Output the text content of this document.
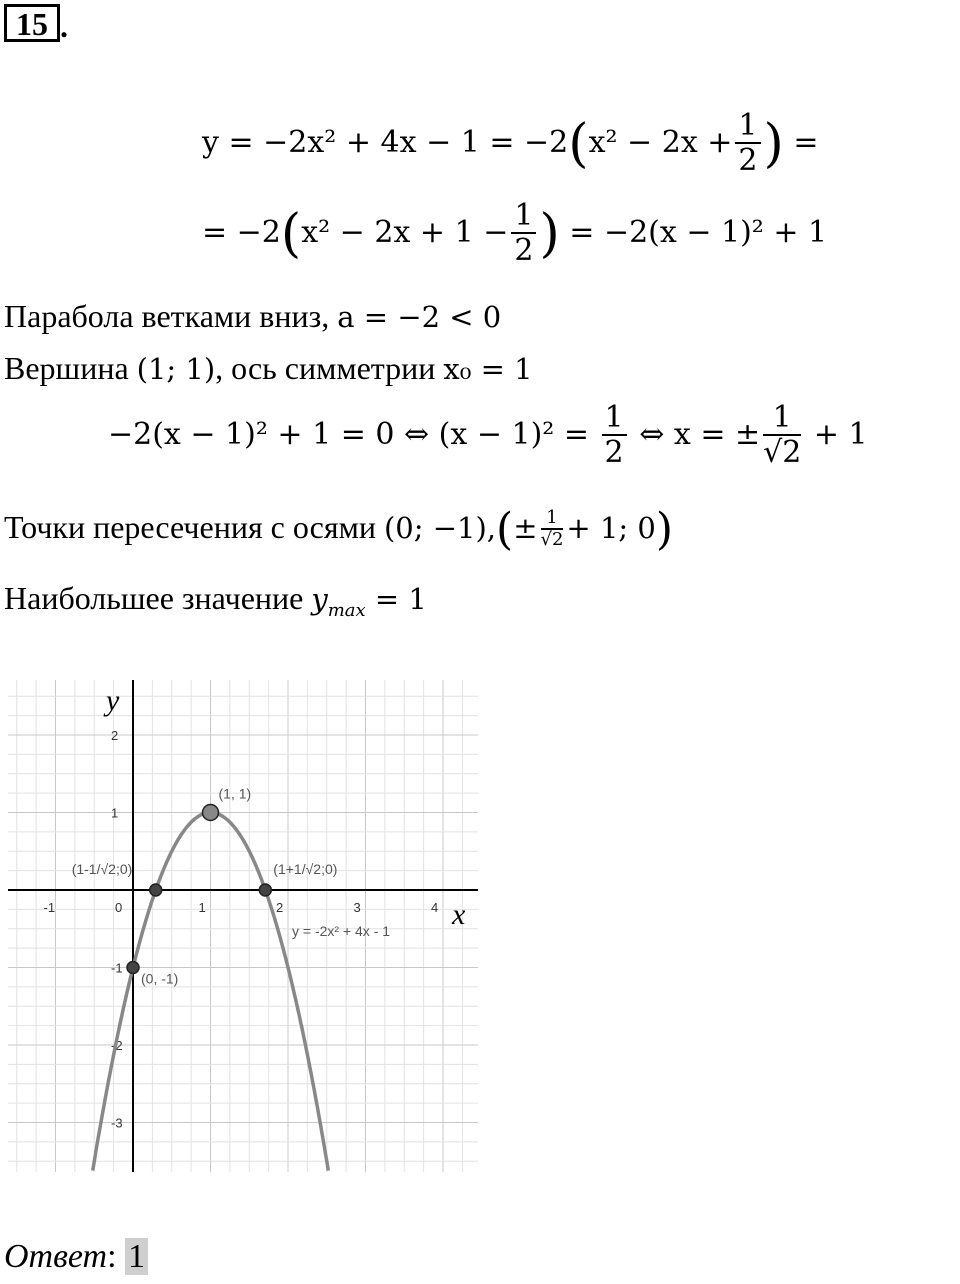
15 .
$y = -2x^2 + 4x - 1 = -2(x^2 - 2x + \frac{1}{2}$ ) =
= $-2(x^2 - 2x + 1 - \frac{1}{2}$ ) = −2(x − 1)² + 1
Парабола ветками вниз, a = −2 < 0
Вершина (1; 1), ось симметрии x₀ = 1
−2(x − 1)² + 1 = 0 ⇔ $(x - 1)^2 = \frac{1}{2}$ ⇔ x = ± $\frac{1}{√2} + 1$
Точки пересечения с осями (0; $-1),(\pm \frac{1}{√2} + 1$; 0)
Наибольшее значение $y_{max} = 1$
-1	0	1	2	3	4
2
1
-1
-2
-3
(1, 1)
(1-1/√2;0)	(1+1/√2;0)
(0, -1)
x
y
y = -2x² + 4x - 1
Ответ: 1
